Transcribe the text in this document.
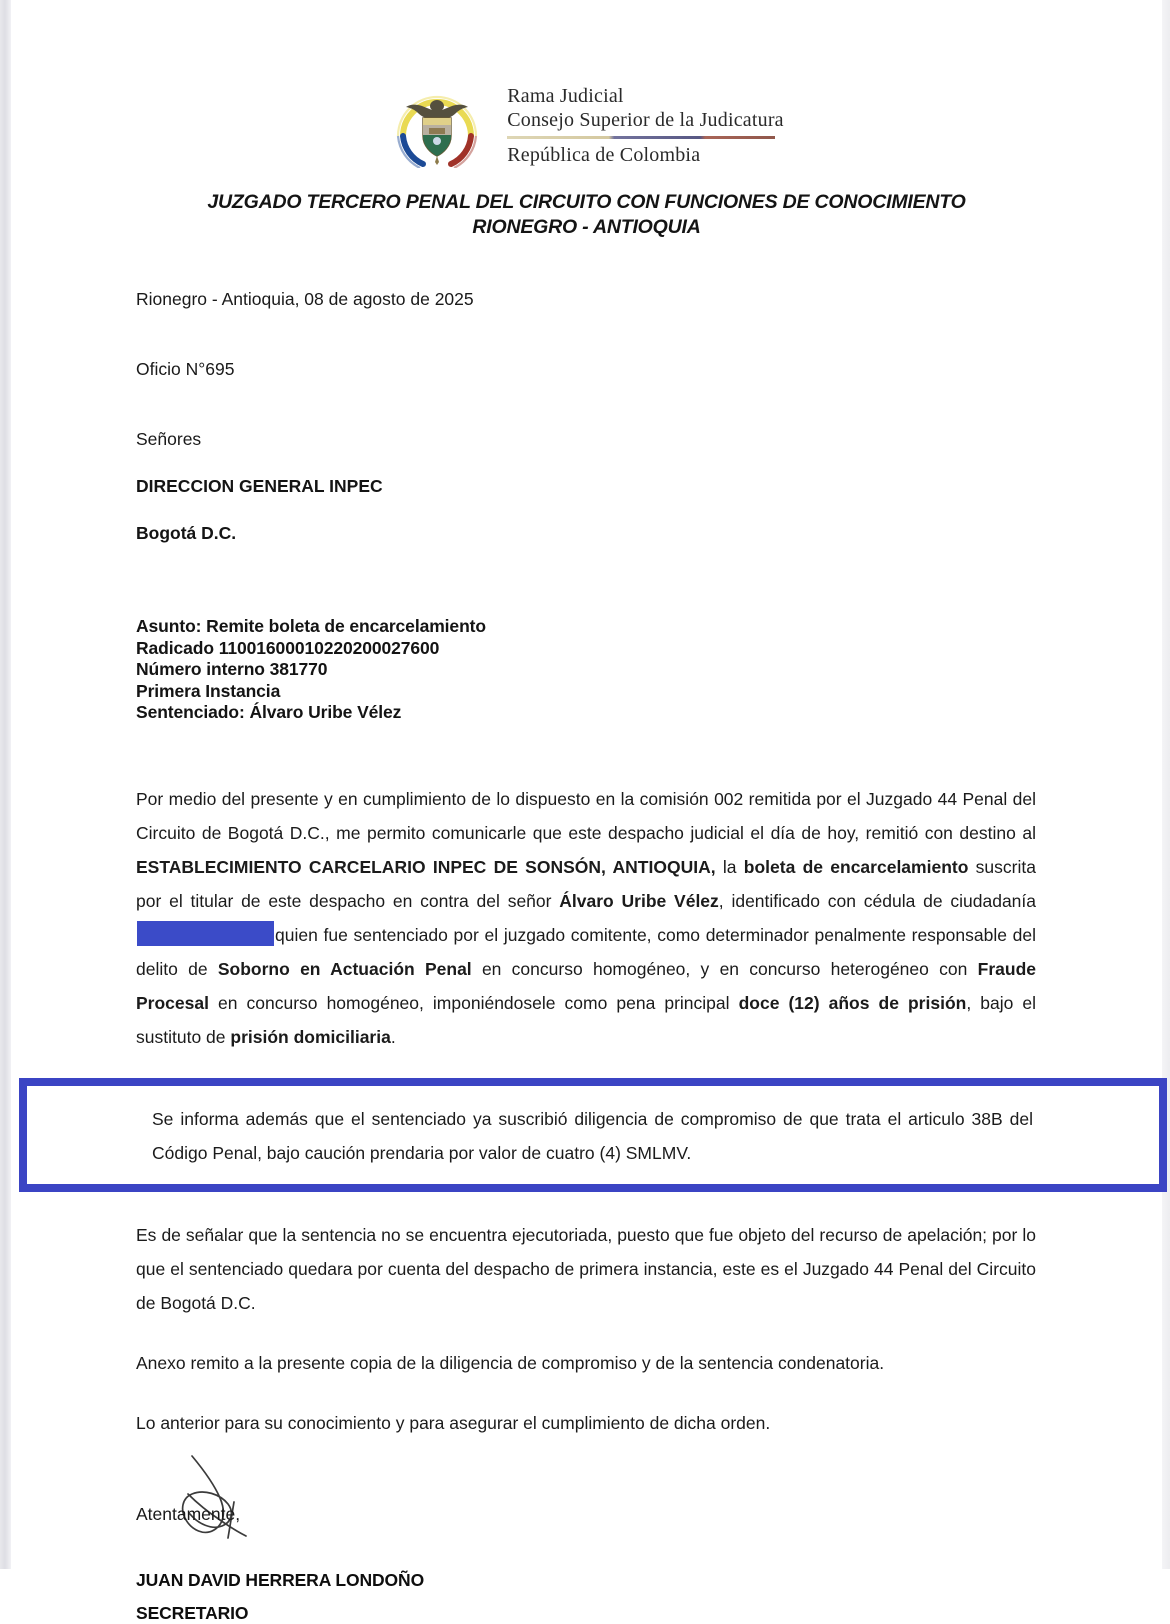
Rama Judicial
Consejo Superior de la Judicatura
República de Colombia
JUZGADO TERCERO PENAL DEL CIRCUITO CON FUNCIONES DE CONOCIMIENTO
RIONEGRO - ANTIOQUIA
Rionegro - Antioquia, 08 de agosto de 2025
Oficio N°695
Señores
DIRECCION GENERAL INPEC
Bogotá D.C.
Asunto: Remite boleta de encarcelamiento
Radicado 11001600010220200027600
Número interno 381770
Primera Instancia
Sentenciado: Álvaro Uribe Vélez

Por medio del presente y en cumplimiento de lo dispuesto en la comisión 002 remitida por el Juzgado 44 Penal del Circuito de Bogotá D.C., me permito comunicarle que este despacho judicial el día de hoy, remitió con destino al ESTABLECIMIENTO CARCELARIO INPEC DE SONSÓN, ANTIOQUIA, la boleta de encarcelamiento suscrita por el titular de este despacho en contra del señor Álvaro Uribe Vélez, identificado con cédula de ciudadaníaquien fue sentenciado por el juzgado comitente, como determinador penalmente responsable del delito de Soborno en Actuación Penal en concurso homogéneo, y en concurso heterogéneo con Fraude Procesal en concurso homogéneo, imponiéndosele como pena principal doce (12) años de prisión, bajo el sustituto de prisión domiciliaria.

Se informa además que el sentenciado ya suscribió diligencia de compromiso de que trata el articulo 38B del Código Penal, bajo caución prendaria por valor de cuatro (4) SMLMV.

Es de señalar que la sentencia no se encuentra ejecutoriada, puesto que fue objeto del recurso de apelación; por lo que el sentenciado quedara por cuenta del despacho de primera instancia, este es el Juzgado 44 Penal del Circuito de Bogotá D.C.

Anexo remito a la presente copia de la diligencia de compromiso y de la sentencia condenatoria.

Lo anterior para su conocimiento y para asegurar el cumplimiento de dicha orden.

Atentamente,
JUAN DAVID HERRERA LONDOÑO
SECRETARIO
